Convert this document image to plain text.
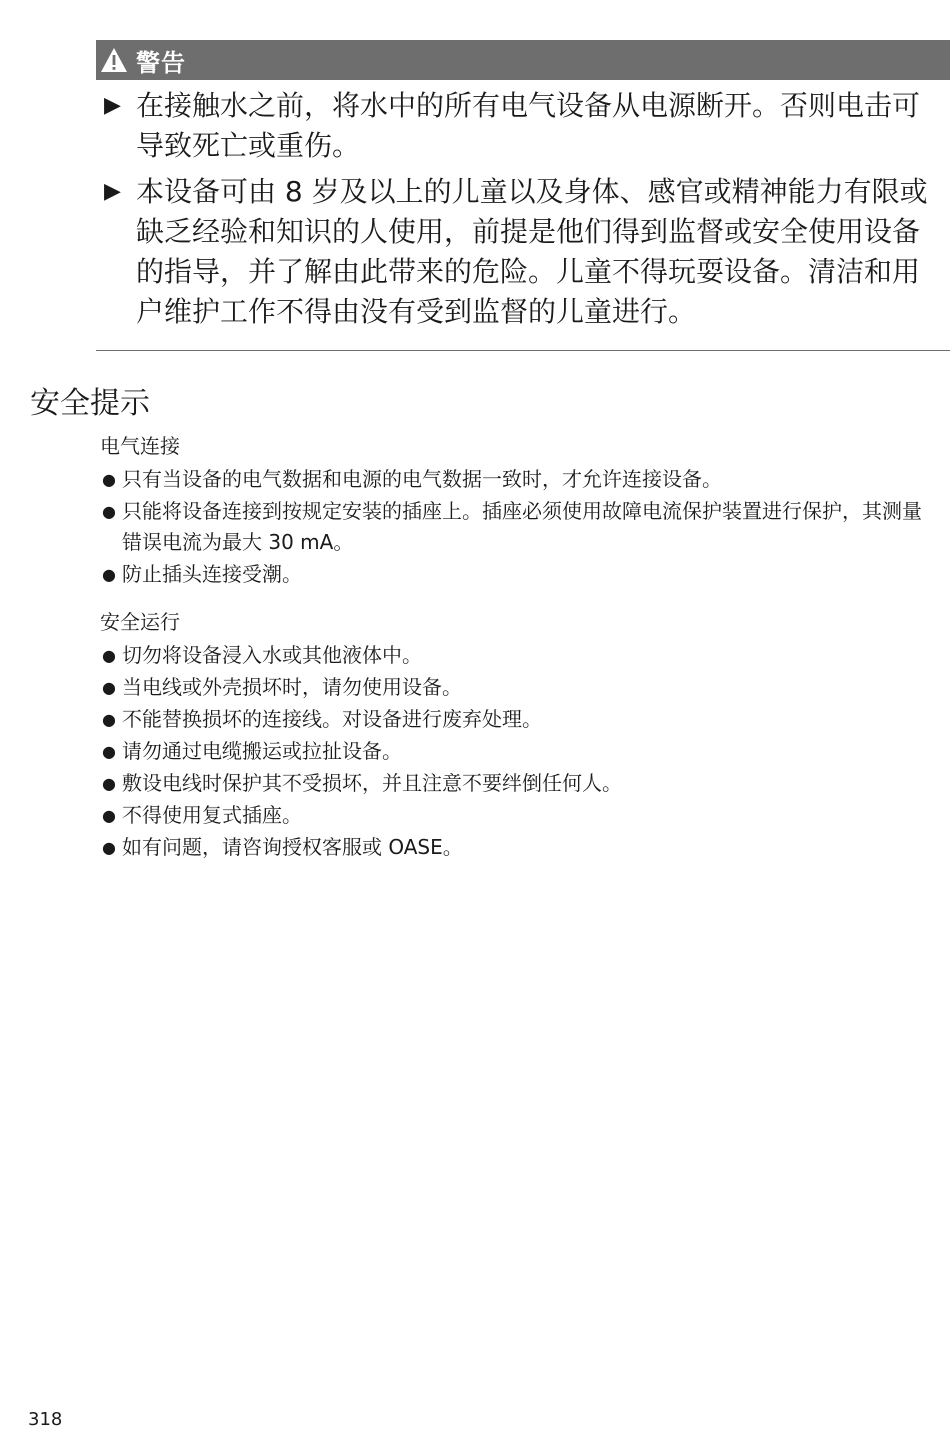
警告
▶ 在接触水之前，将水中的所有电气设备从电源断开。否则电击可导致死亡或重伤。
▶ 本设备可由 8 岁及以上的儿童以及身体、感官或精神能力有限或缺乏经验和知识的人使用，前提是他们得到监督或安全使用设备的指导，并了解由此带来的危险。儿童不得玩耍设备。清洁和用户维护工作不得由没有受到监督的儿童进行。
安全提示
电气连接
● 只有当设备的电气数据和电源的电气数据一致时，才允许连接设备。
● 只能将设备连接到按规定安装的插座上。插座必须使用故障电流保护装置进行保护，其测量错误电流为最大 30 mA。
● 防止插头连接受潮。
安全运行
● 切勿将设备浸入水或其他液体中。
● 当电线或外壳损坏时，请勿使用设备。
● 不能替换损坏的连接线。对设备进行废弃处理。
● 请勿通过电缆搬运或拉扯设备。
● 敷设电线时保护其不受损坏，并且注意不要绊倒任何人。
● 不得使用复式插座。
● 如有问题，请咨询授权客服或 OASE。
318
